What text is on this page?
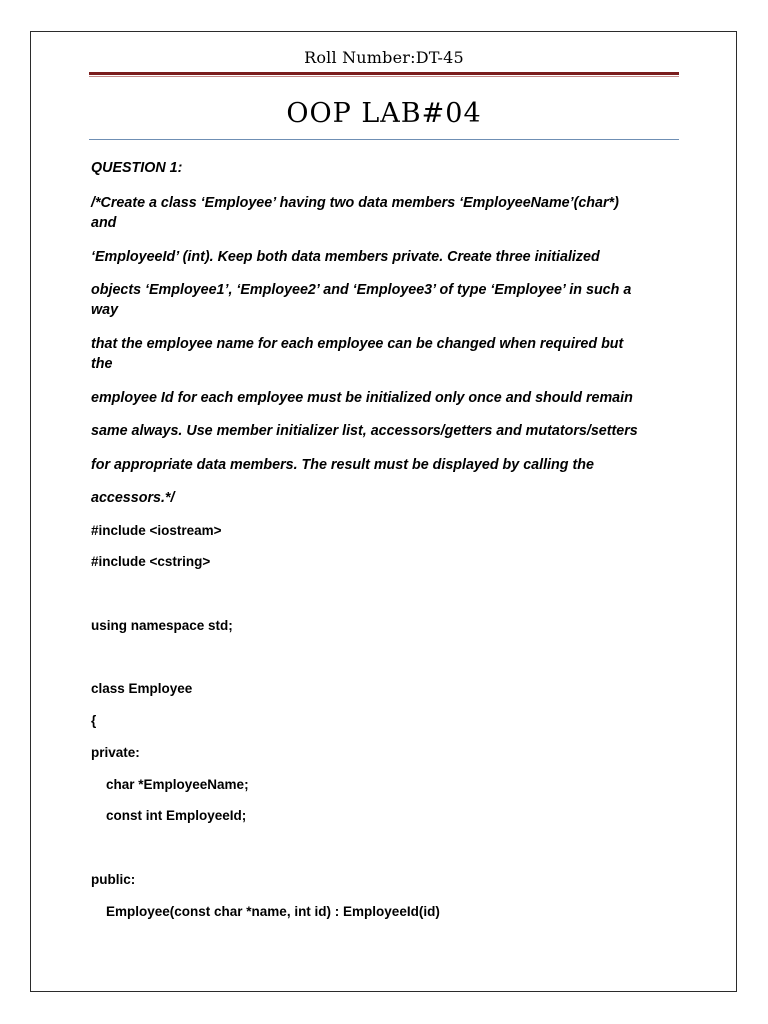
Roll Number:DT-45
OOP LAB#04
QUESTION 1:
/*Create a class ‘Employee’ having two data members ‘EmployeeName’(char*)
and
‘EmployeeId’ (int). Keep both data members private. Create three initialized
objects ‘Employee1’, ‘Employee2’ and ‘Employee3’ of type ‘Employee’ in such a
way
that the employee name for each employee can be changed when required but
the
employee Id for each employee must be initialized only once and should remain
same always. Use member initializer list, accessors/getters and mutators/setters
for appropriate data members. The result must be displayed by calling the
accessors.*/
#include <iostream>
#include <cstring>
using namespace std;
class Employee
{
private:
char *EmployeeName;
const int EmployeeId;
public:
Employee(const char *name, int id) : EmployeeId(id)
